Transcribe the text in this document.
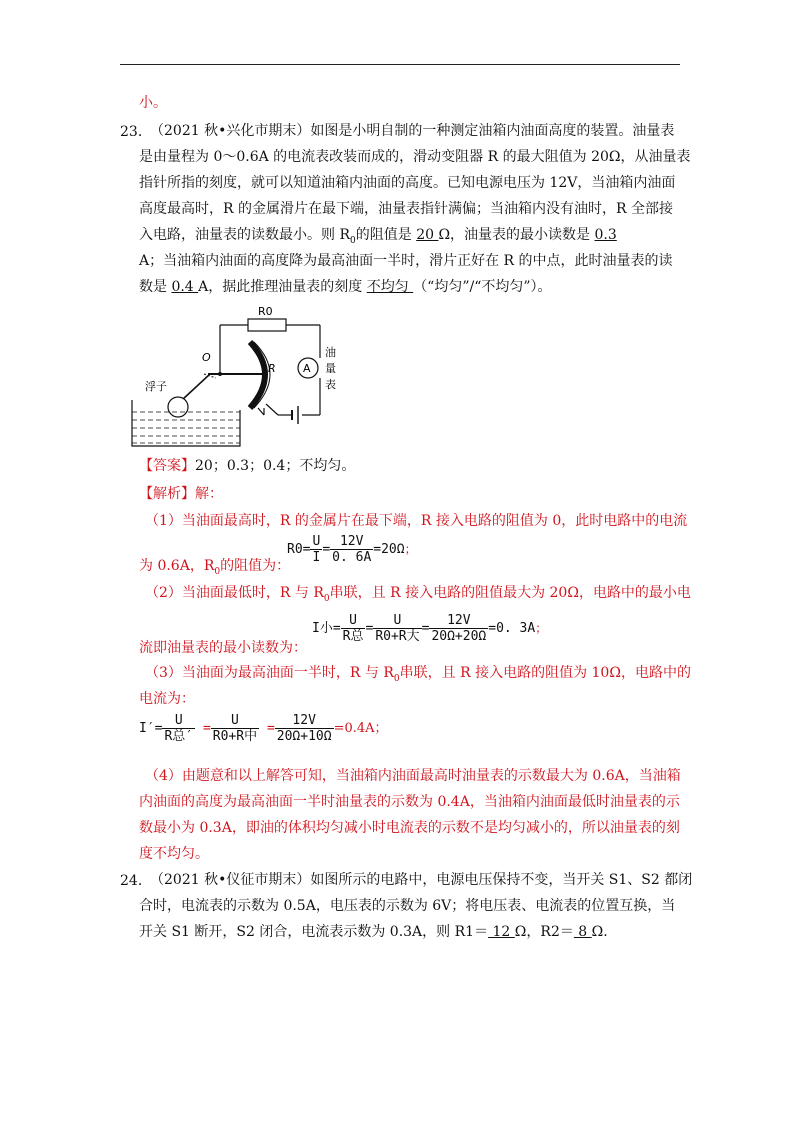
小。
23．
（2021 秋•兴化市期末）如图是小明自制的一种测定油箱内油面高度的装置。油量表
是由量程为 0～0.6A 的电流表改装而成的，滑动变阻器 R 的最大阻值为 20Ω，从油量表
指针所指的刻度，就可以知道油箱内油面的高度。已知电源电压为 12V，当油箱内油面
高度最高时，R 的金属滑片在最下端，油量表指针满偏；当油箱内没有油时，R 全部接
入电路，油量表的读数最小。则 $R_0$的阻值是 20 Ω，油量表的最小读数是 0.3
A；当油箱内油面的高度降为最高油面一半时，滑片正好在 R 的中点，此时油量表的读
数是 0.4 A，据此推理油量表的刻度 不均匀 （“均匀”/“不均匀”）。
R0
O
A
油
量
表
R
浮子
【答案】20；0.3；0.4；不均匀。
【解析】解：
（1）当油面最高时，R 的金属片在最下端，R 接入电路的阻值为 0，此时电路中的电流
为 0.6A，$R_0$的阻值为：
$R0= \frac{U}{I} = \frac{12V}{0. 6A} =20\Omega$；
（2）当油面最低时，R 与 $R_0$串联，且 R 接入电路的阻值最大为 20Ω，电路中的最小电
流即油量表的最小读数为：
I小= $\frac{U}{\text{R总}} = \frac{U}{\text{R0+R大}} = \frac{12V}{20\Omega+20\Omega} =0$. 3A；
（3）当油面为最高油面一半时，R 与 $R_0$串联，且 R 接入电路的阻值为 10Ω，电路中的
电流为：
$I'= \frac{U}{\text{R总′}} = \frac{U}{\text{R0+R中}} = \frac{12V}{20\Omega+10\Omega} =0.4A$；
（4）由题意和以上解答可知，当油箱内油面最高时油量表的示数最大为 0.6A，当油箱
内油面的高度为最高油面一半时油量表的示数为 0.4A，当油箱内油面最低时油量表的示
数最小为 0.3A，即油的体积均匀减小时电流表的示数不是均匀减小的，所以油量表的刻
度不均匀。
24．
（2021 秋•仪征市期末）如图所示的电路中，电源电压保持不变，当开关 S1、S2 都闭
合时，电流表的示数为 0.5A，电压表的示数为 6V；将电压表、电流表的位置互换，当
开关 S1 断开，S2 闭合，电流表示数为 0.3A，则 R1＝ 12 Ω，R2＝ 8 Ω.
